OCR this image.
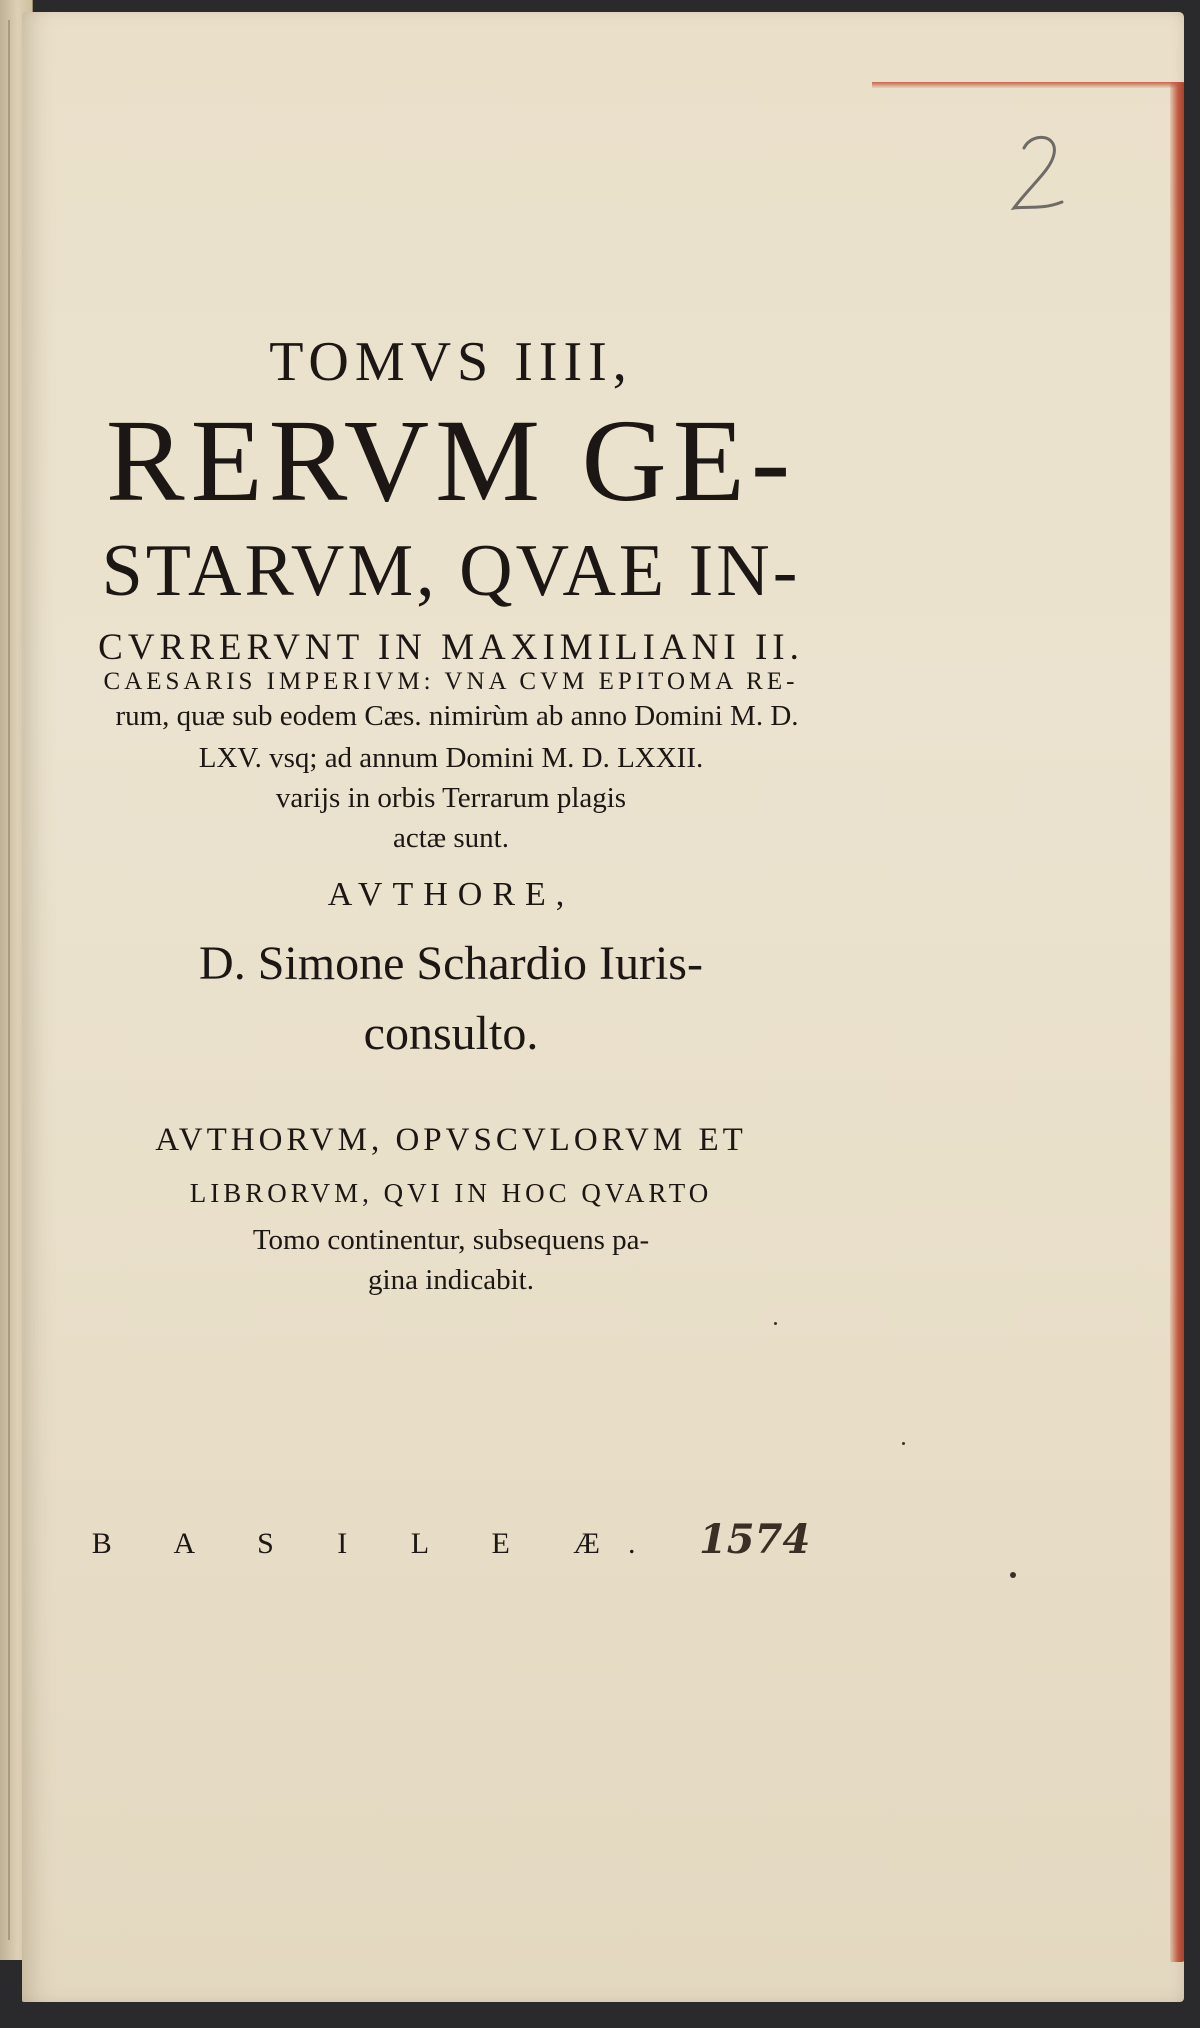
TOMVS IIII,

RERVM GE-

STARVM, QVAE IN-

CVRRERVNT IN MAXIMILIANI II.

CAESARIS IMPERIVM: VNA CVM EPITOMA RE-

rum, quæ sub eodem Cæs. nimirùm ab anno Domini M. D.

LXV. vsq; ad annum Domini M. D. LXXII.

varijs in orbis Terrarum plagis

actæ sunt.

AVTHORE,

D. Simone Schardio Iuris-

consulto.

AVTHORVM, OPVSCVLORVM ET

LIBRORVM, QVI IN HOC QVARTO

Tomo continentur, subsequens pa-

gina indicabit.

B A S I L E Æ. 1574
